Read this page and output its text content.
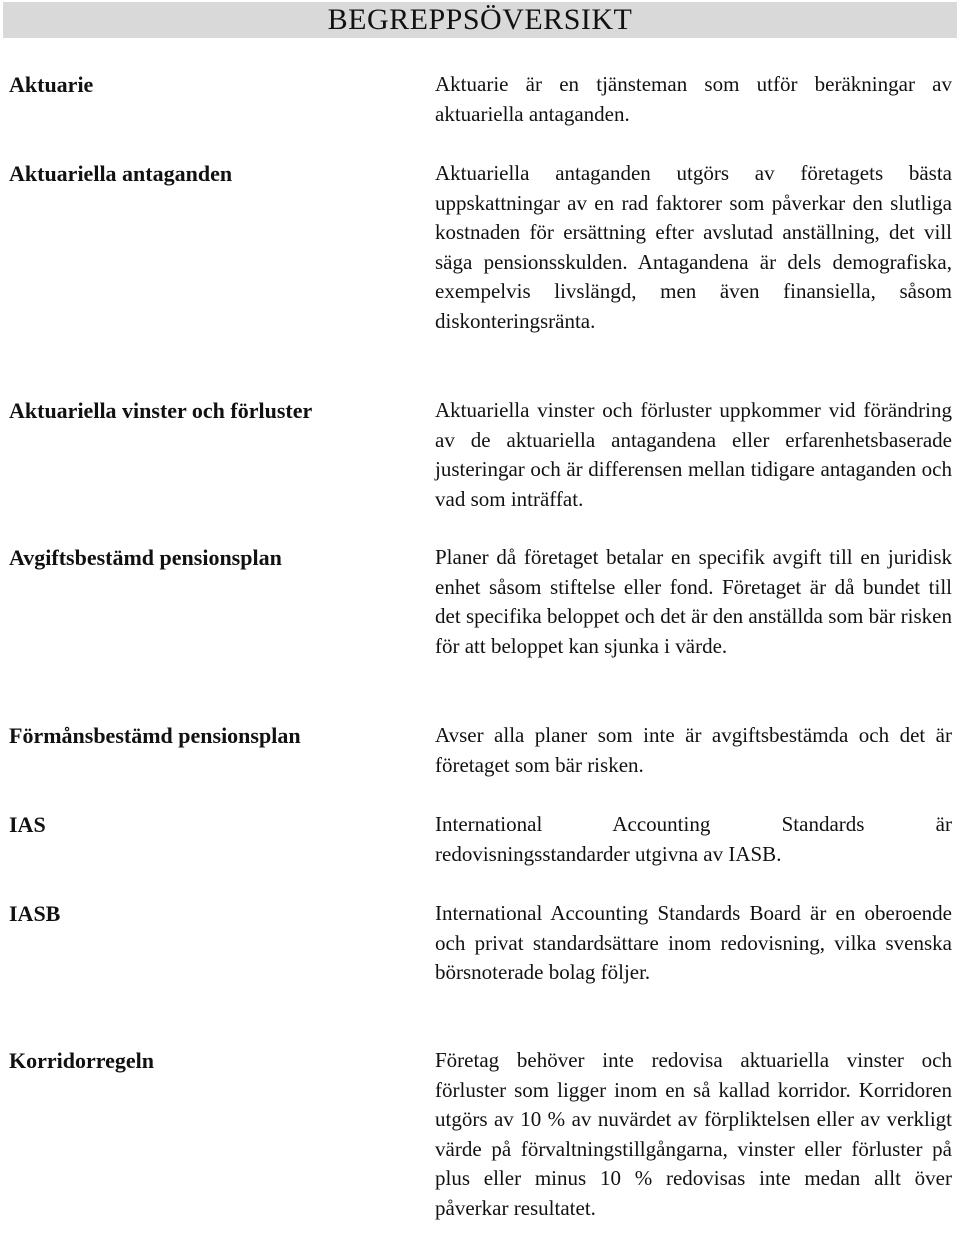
BEGREPPSÖVERSIKT
Aktuarie	Aktuarie är en tjänsteman som utför beräkningar av aktuariella antaganden.
Aktuariella antaganden	Aktuariella antaganden utgörs av företagets bästa uppskattningar av en rad faktorer som påverkar den slutliga kostnaden för ersättning efter avslutad anställning, det vill säga pensionsskulden. Antagandena är dels demografiska, exempelvis livslängd, men även finansiella, såsom diskonteringsränta.
Aktuariella vinster och förluster	Aktuariella vinster och förluster uppkommer vid förändring av de aktuariella antagandena eller erfarenhetsbaserade justeringar och är differensen mellan tidigare antaganden och vad som inträffat.
Avgiftsbestämd pensionsplan	Planer då företaget betalar en specifik avgift till en juridisk enhet såsom stiftelse eller fond. Företaget är då bundet till det specifika beloppet och det är den anställda som bär risken för att beloppet kan sjunka i värde.
Förmånsbestämd pensionsplan	Avser alla planer som inte är avgiftsbestämda och det är företaget som bär risken.
IAS	International Accounting Standards är redovisningsstandarder utgivna av IASB.
IASB	International Accounting Standards Board är en oberoende och privat standardsättare inom redovisning, vilka svenska börsnoterade bolag följer.
Korridorregeln	Företag behöver inte redovisa aktuariella vinster och förluster som ligger inom en så kallad korridor. Korridoren utgörs av 10 % av nuvärdet av förpliktelsen eller av verkligt värde på förvaltningstillgångarna, vinster eller förluster på plus eller minus 10 % redovisas inte medan allt över påverkar resultatet.
